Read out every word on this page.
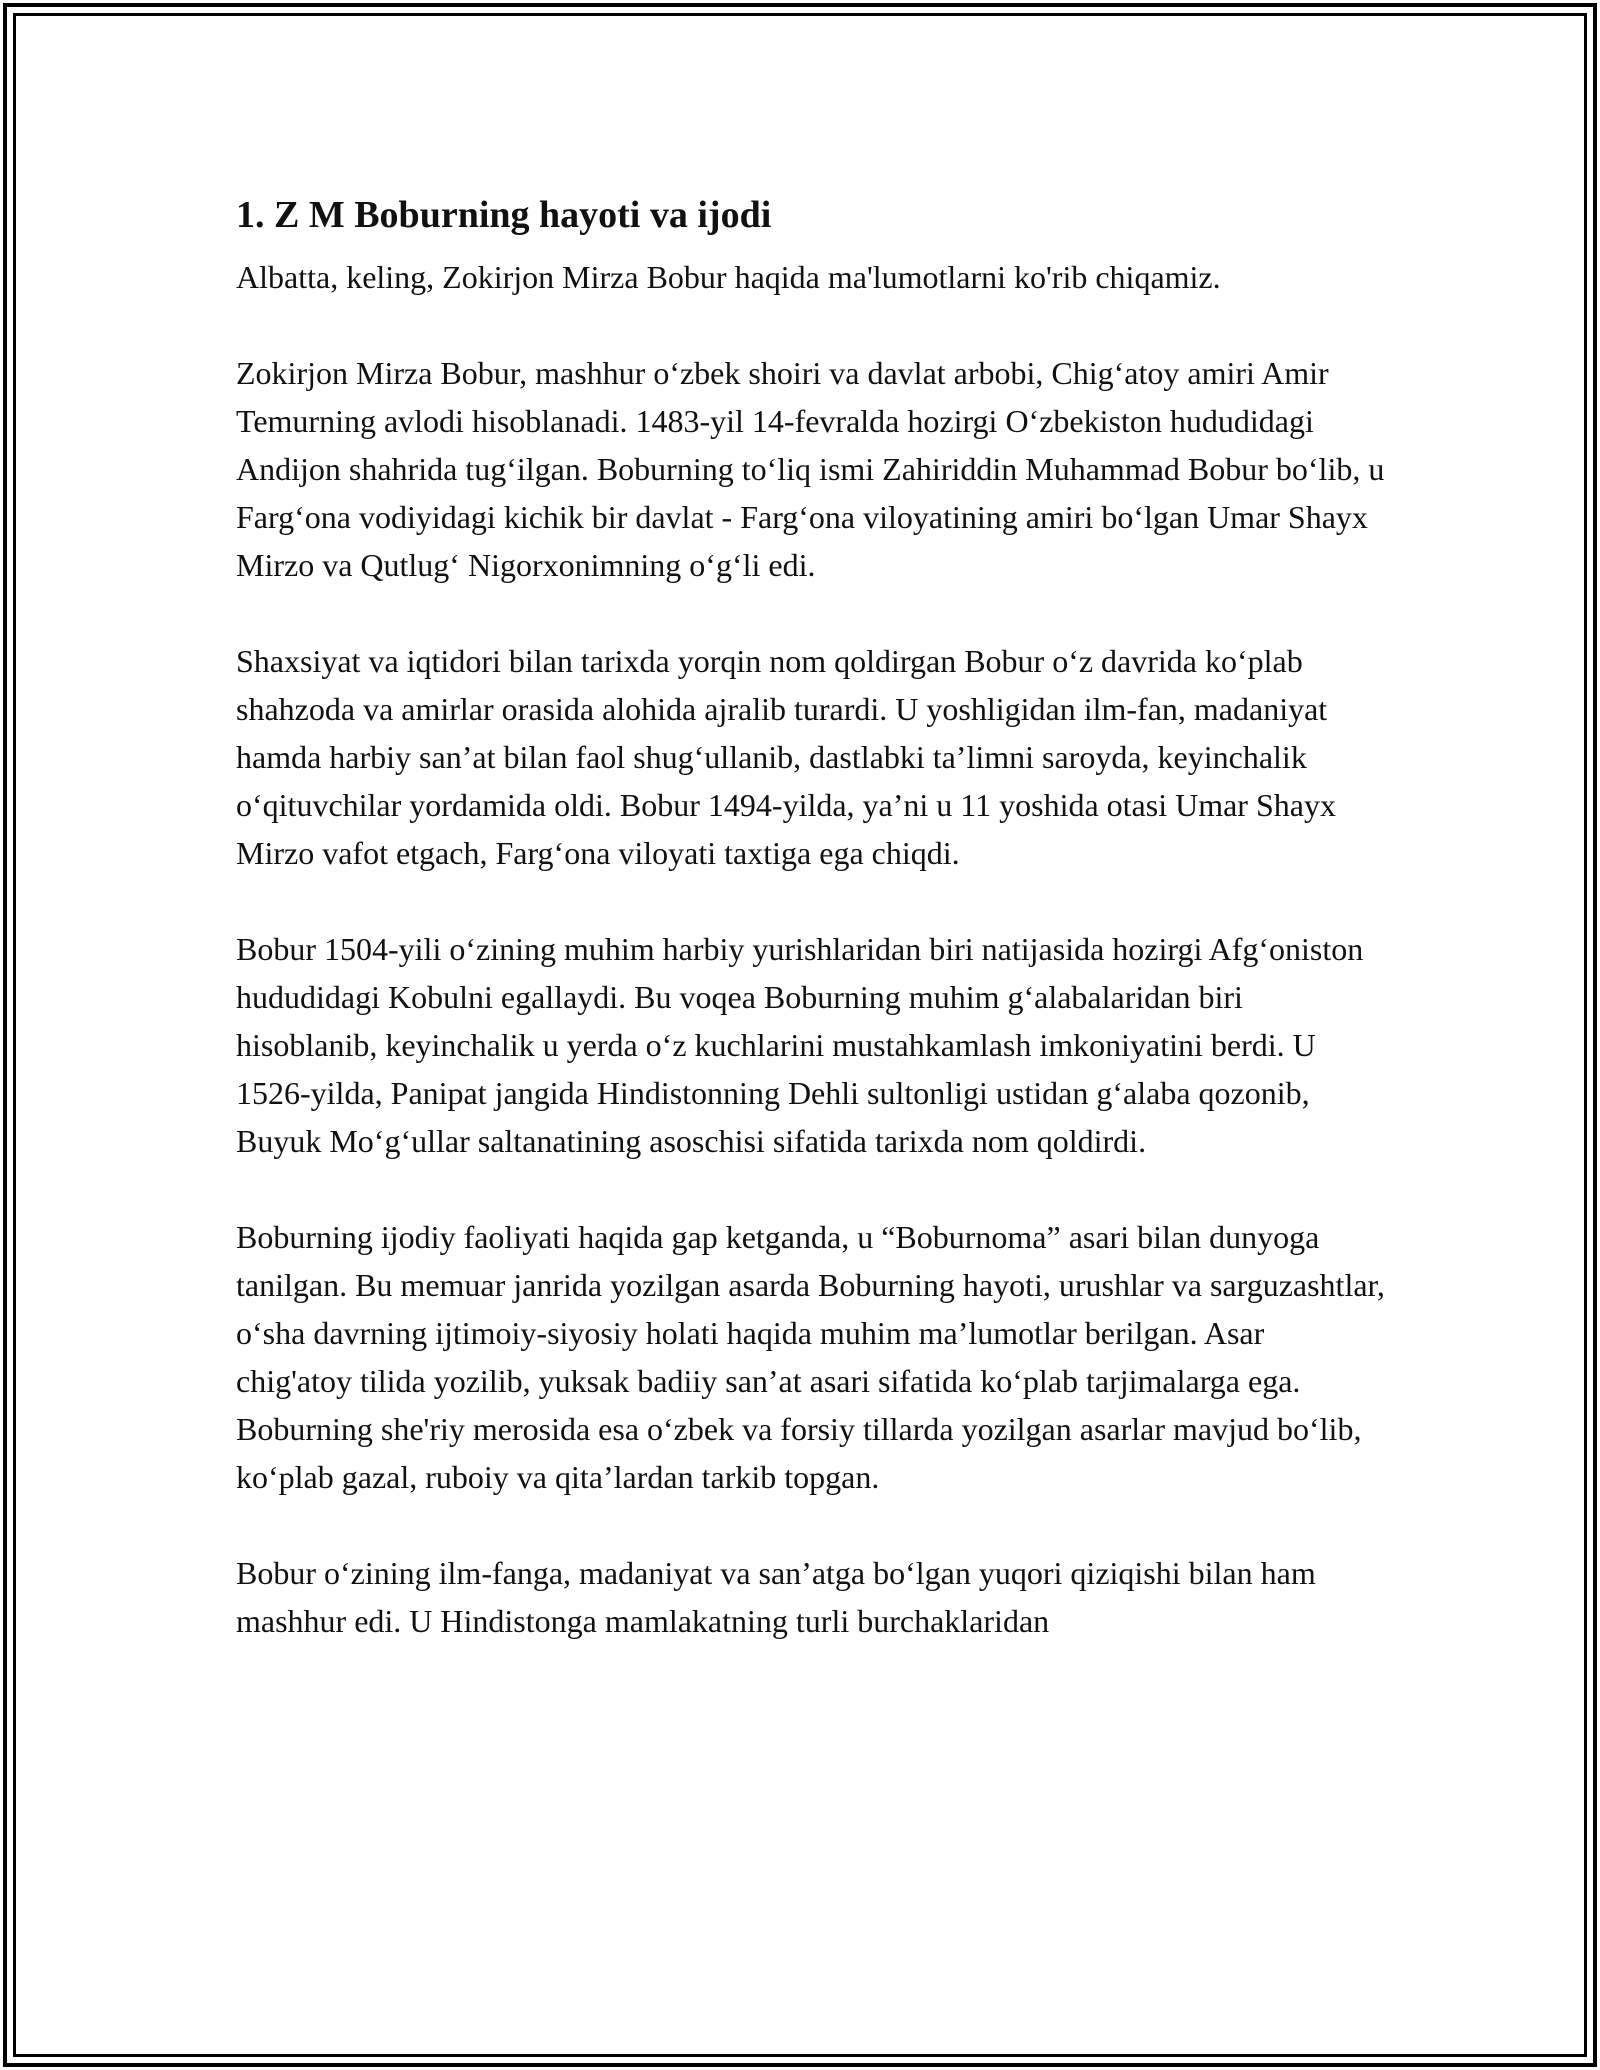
1. Z M Boburning hayoti va ijodi

Albatta, keling, Zokirjon Mirza Bobur haqida ma'lumotlarni ko'rib chiqamiz.

Zokirjon Mirza Bobur, mashhur o‘zbek shoiri va davlat arbobi, Chig‘atoy amiri Amir Temurning avlodi hisoblanadi. 1483-yil 14-fevralda hozirgi O‘zbekiston hududidagi Andijon shahrida tug‘ilgan. Boburning to‘liq ismi Zahiriddin Muhammad Bobur bo‘lib, u Farg‘ona vodiyidagi kichik bir davlat - Farg‘ona viloyatining amiri bo‘lgan Umar Shayx Mirzo va Qutlug‘ Nigorxonimning o‘g‘li edi.

Shaxsiyat va iqtidori bilan tarixda yorqin nom qoldirgan Bobur o‘z davrida ko‘plab shahzoda va amirlar orasida alohida ajralib turardi. U yoshligidan ilm-fan, madaniyat hamda harbiy san’at bilan faol shug‘ullanib, dastlabki ta’limni saroyda, keyinchalik o‘qituvchilar yordamida oldi. Bobur 1494-yilda, ya’ni u 11 yoshida otasi Umar Shayx Mirzo vafot etgach, Farg‘ona viloyati taxtiga ega chiqdi.

Bobur 1504-yili o‘zining muhim harbiy yurishlaridan biri natijasida hozirgi Afg‘oniston hududidagi Kobulni egallaydi. Bu voqea Boburning muhim g‘alabalaridan biri hisoblanib, keyinchalik u yerda o‘z kuchlarini mustahkamlash imkoniyatini berdi. U 1526-yilda, Panipat jangida Hindistonning Dehli sultonligi ustidan g‘alaba qozonib, Buyuk Mo‘g‘ullar saltanatining asoschisi sifatida tarixda nom qoldirdi.

Boburning ijodiy faoliyati haqida gap ketganda, u “Boburnoma” asari bilan dunyoga tanilgan. Bu memuar janrida yozilgan asarda Boburning hayoti, urushlar va sarguzashtlar, o‘sha davrning ijtimoiy-siyosiy holati haqida muhim ma’lumotlar berilgan. Asar chig'atoy tilida yozilib, yuksak badiiy san’at asari sifatida ko‘plab tarjimalarga ega. Boburning she'riy merosida esa o‘zbek va forsiy tillarda yozilgan asarlar mavjud bo‘lib, ko‘plab gazal, ruboiy va qita’lardan tarkib topgan.

Bobur o‘zining ilm-fanga, madaniyat va san’atga bo‘lgan yuqori qiziqishi bilan ham mashhur edi. U Hindistonga mamlakatning turli burchaklaridan
